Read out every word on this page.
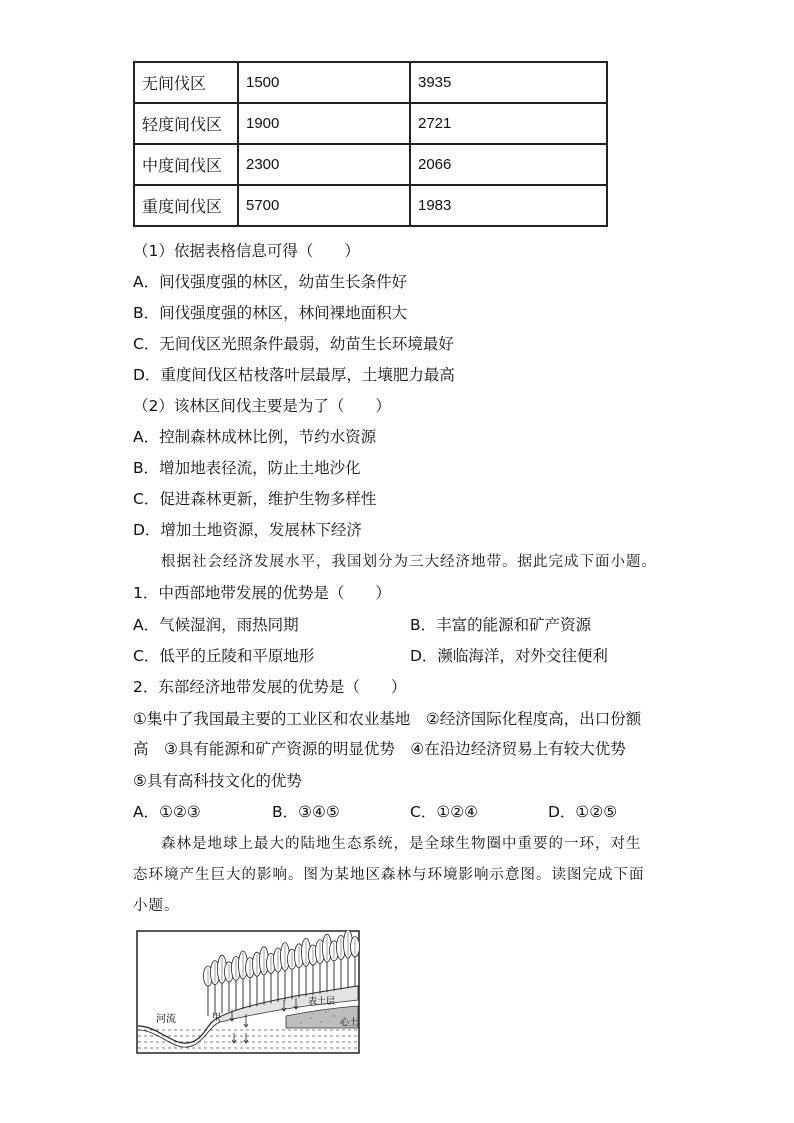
无间伐区	1500	3935
轻度间伐区	1900	2721
中度间伐区	2300	2066
重度间伐区	5700	1983
（1）依据表格信息可得（　　）
A．间伐强度强的林区，幼苗生长条件好
B．间伐强度强的林区，林间裸地面积大
C．无间伐区光照条件最弱，幼苗生长环境最好
D．重度间伐区枯枝落叶层最厚，土壤肥力最高
（2）该林区间伐主要是为了（　　）
A．控制森林成林比例，节约水资源
B．增加地表径流，防止土地沙化
C．促进森林更新，维护生物多样性
D．增加土地资源，发展林下经济
根据社会经济发展水平，我国划分为三大经济地带。据此完成下面小题。
1．中西部地带发展的优势是（　　）
A．气候湿润，雨热同期	B．丰富的能源和矿产资源
C．低平的丘陵和平原地形	D．濒临海洋，对外交往便利
2．东部经济地带发展的优势是（　　）
①集中了我国最主要的工业区和农业基地　②经济国际化程度高，出口份额
高　③具有能源和矿产资源的明显优势　④在沿边经济贸易上有较大优势
⑤具有高科技文化的优势
A．①②③	B．③④⑤	C．①②④	D．①②⑤
森林是地球上最大的陆地生态系统，是全球生物圈中重要的一环，对生
态环境产生巨大的影响。图为某地区森林与环境影响示意图。读图完成下面
小题。
河流	甲
表土层
心土
